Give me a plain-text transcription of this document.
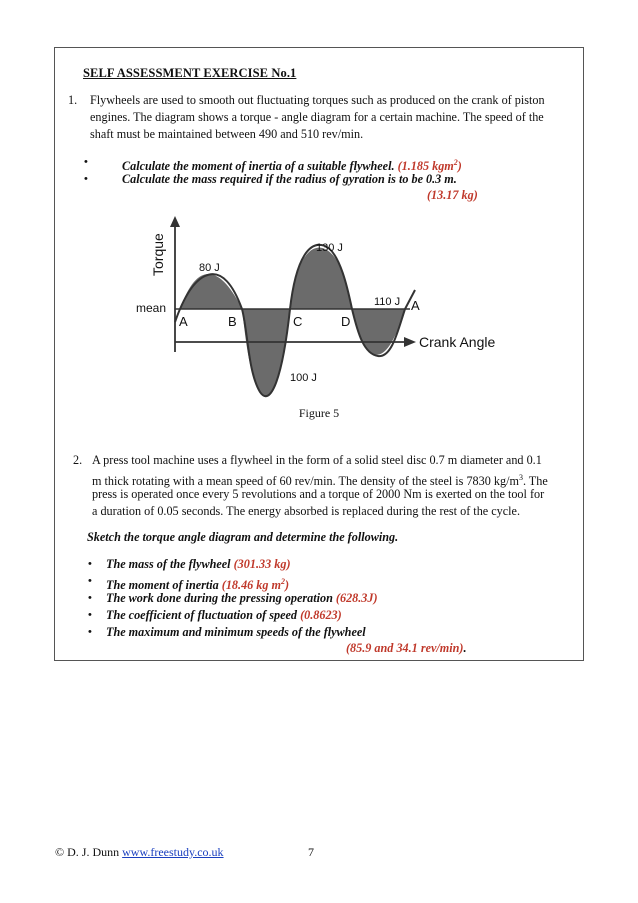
SELF ASSESSMENT EXERCISE No.1
1. Flywheels are used to smooth out fluctuating torques such as produced on the crank of piston
engines. The diagram shows a torque - angle diagram for a certain machine. The speed of the
shaft must be maintained between 490 and 510 rev/min.
•	Calculate the moment of inertia of a suitable flywheel. (1.185 kgm$^2$)
•	Calculate the mass required if the radius of gyration is to be 0.3 m.
(13.17 kg)
Torque
Crank Angle
mean
A	B	C	D
A
80 J
100 J
130 J
110 J
Figure 5
2. A press tool machine uses a flywheel in the form of a solid steel disc 0.7 m diameter and 0.1
m thick rotating with a mean speed of 60 rev/min. The density of the steel is 7830 $kg/m^3$. The
press is operated once every 5 revolutions and a torque of 2000 Nm is exerted on the tool for
a duration of 0.05 seconds. The energy absorbed is replaced during the rest of the cycle.
Sketch the torque angle diagram and determine the following.
• The mass of the flywheel (301.33 kg)
• The moment of inertia (18.46 kg $m^2$)
• The work done during the pressing operation (628.3J)
• The coefficient of fluctuation of speed (0.8623)
• The maximum and minimum speeds of the flywheel
(85.9 and 34.1 rev/min).
© D. J. Dunn www.freestudy.co.uk	7
